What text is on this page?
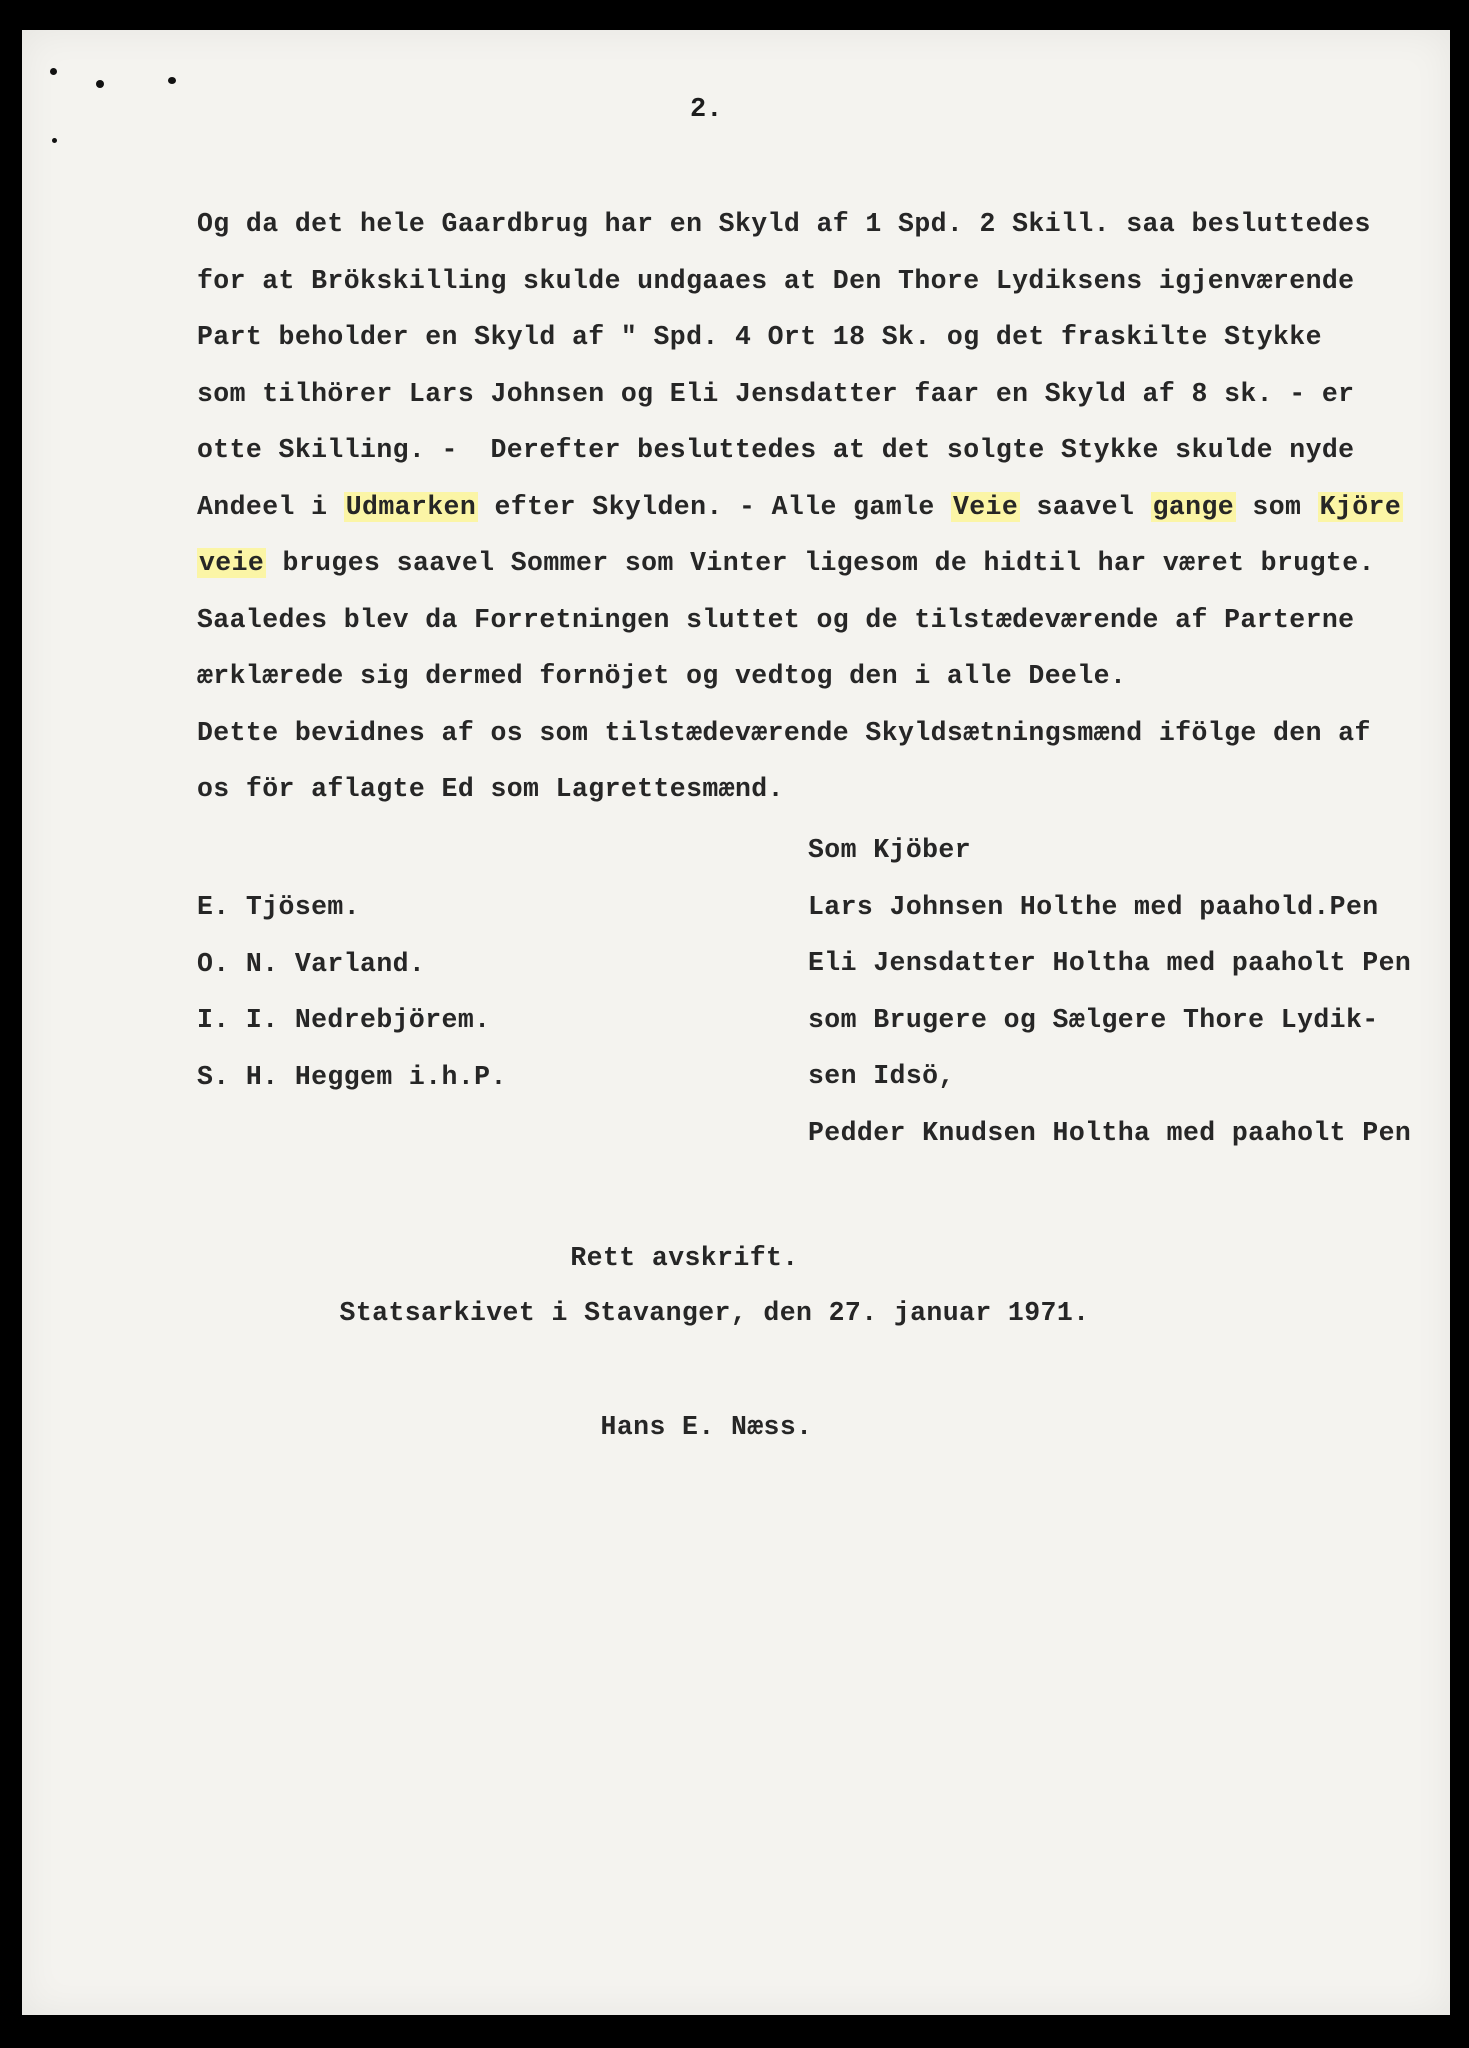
2.
Og da det hele Gaardbrug har en Skyld af 1 Spd. 2 Skill. saa besluttedes
for at Brökskilling skulde undgaaes at Den Thore Lydiksens igjenværende
Part beholder en Skyld af " Spd. 4 Ort 18 Sk. og det fraskilte Stykke
som tilhörer Lars Johnsen og Eli Jensdatter faar en Skyld af 8 sk. - er
otte Skilling. -  Derefter besluttedes at det solgte Stykke skulde nyde
Andeel i Udmarken efter Skylden. - Alle gamle Veie saavel gange som Kjöre
veie bruges saavel Sommer som Vinter ligesom de hidtil har været brugte.
Saaledes blev da Forretningen sluttet og de tilstædeværende af Parterne
ærklærede sig dermed fornöjet og vedtog den i alle Deele.
Dette bevidnes af os som tilstædeværende Skyldsætningsmænd ifölge den af
os för aflagte Ed som Lagrettesmænd.
E. Tjösem.
O. N. Varland.
I. I. Nedrebjörem.
S. H. Heggem i.h.P.
Som Kjöber
Lars Johnsen Holthe med paahold.Pen
Eli Jensdatter Holtha med paaholt Pen
som Brugere og Sælgere Thore Lydik-
sen Idsö,
Pedder Knudsen Holtha med paaholt Pen
Rett avskrift.
Statsarkivet i Stavanger, den 27. januar 1971.
Hans E. Næss.
